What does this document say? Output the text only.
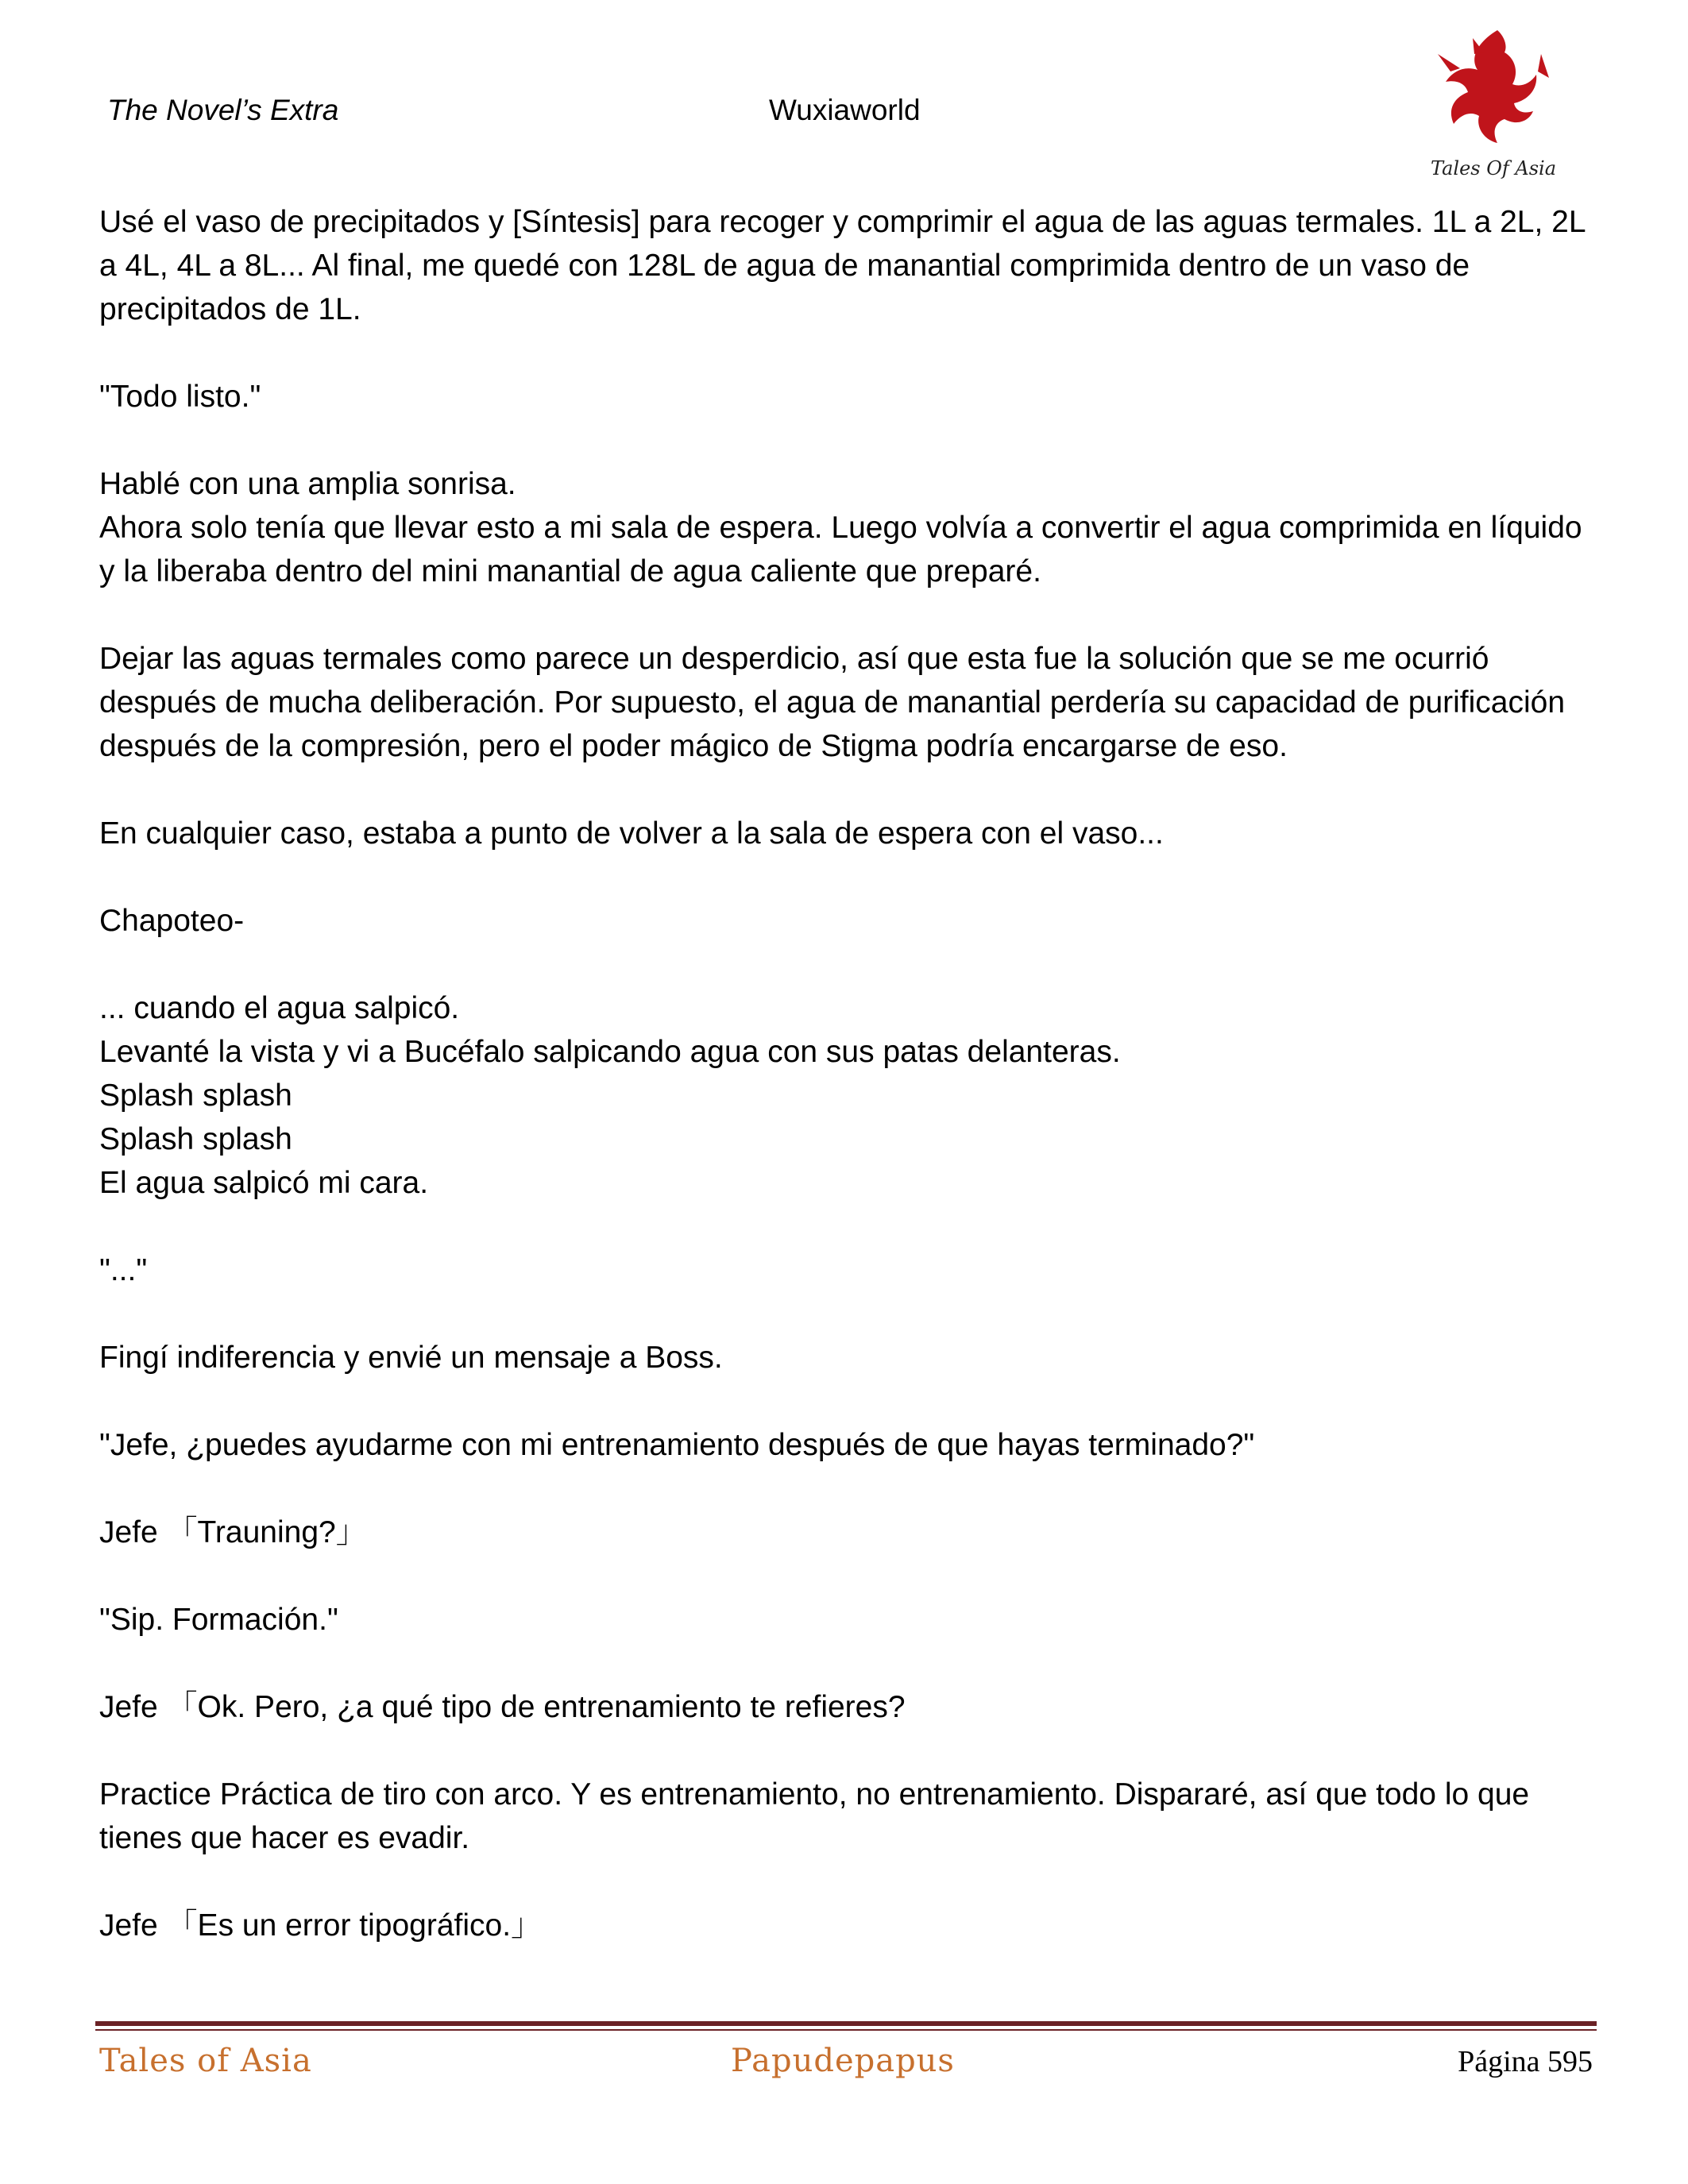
The Novel’s Extra	Wuxiaworld
Tales Of Asia

Usé el vaso de precipitados y [Síntesis] para recoger y comprimir el agua de las aguas termales. 1L a 2L, 2L a 4L, 4L a 8L... Al final, me quedé con 128L de agua de manantial comprimida dentro de un vaso de precipitados de 1L.

"Todo listo."

Hablé con una amplia sonrisa.

Ahora solo tenía que llevar esto a mi sala de espera. Luego volvía a convertir el agua comprimida en líquido y la liberaba dentro del mini manantial de agua caliente que preparé.

Dejar las aguas termales como parece un desperdicio, así que esta fue la solución que se me ocurrió después de mucha deliberación. Por supuesto, el agua de manantial perdería su capacidad de purificación después de la compresión, pero el poder mágico de Stigma podría encargarse de eso.

En cualquier caso, estaba a punto de volver a la sala de espera con el vaso...

Chapoteo-

... cuando el agua salpicó.

Levanté la vista y vi a Bucéfalo salpicando agua con sus patas delanteras.

Splash splash

Splash splash

El agua salpicó mi cara.

"..."

Fingí indiferencia y envié un mensaje a Boss.

"Jefe, ¿puedes ayudarme con mi entrenamiento después de que hayas terminado?"

Jefe 「Trauning?」

"Sip. Formación."

Jefe 「Ok. Pero, ¿a qué tipo de entrenamiento te refieres?

Practice Práctica de tiro con arco. Y es entrenamiento, no entrenamiento. Dispararé, así que todo lo que tienes que hacer es evadir.

Jefe 「Es un error tipográfico.」

Tales of Asia	Papudepapus	Página 595
